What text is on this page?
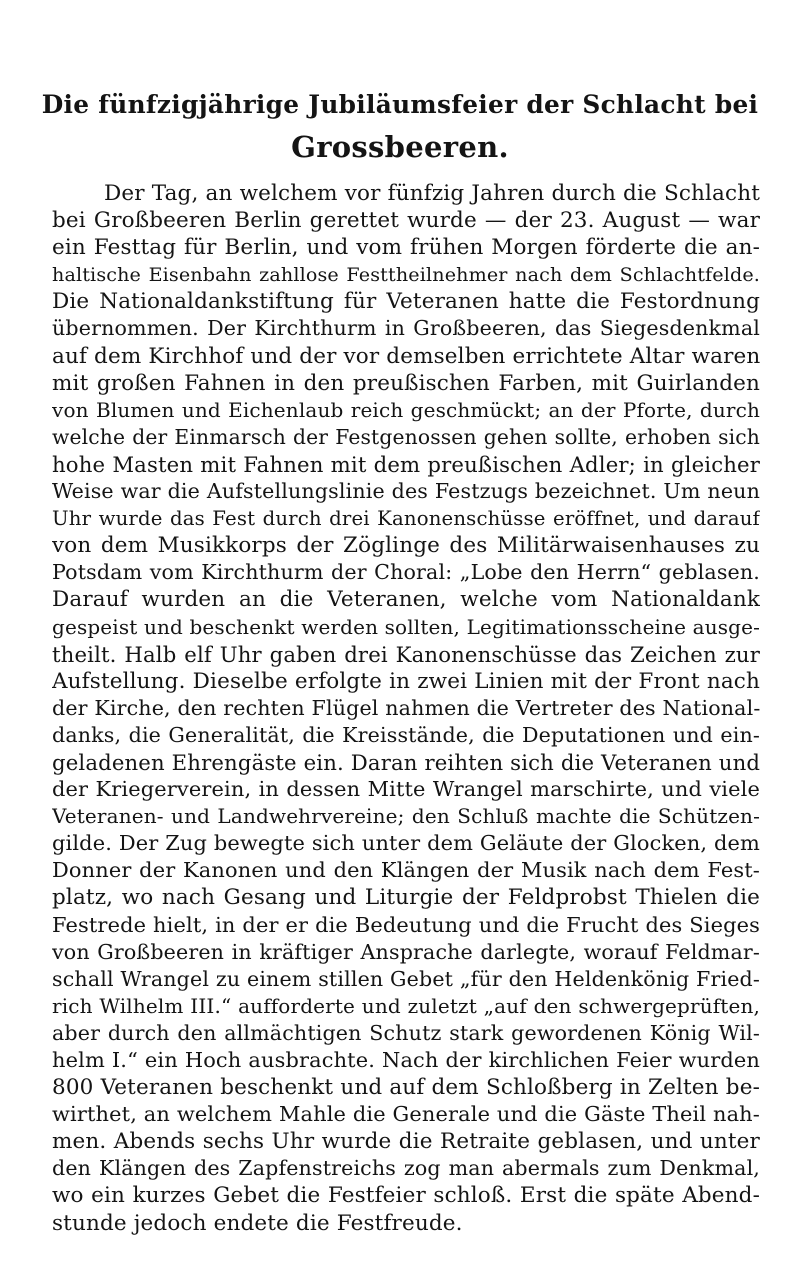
Die fünfzigjährige Jubiläumsfeier der Schlacht bei
Grossbeeren.
Der Tag, an welchem vor fünfzig Jahren durch die Schlacht
bei Großbeeren Berlin gerettet wurde — der 23. August — war
ein Festtag für Berlin, und vom frühen Morgen förderte die an-
haltische Eisenbahn zahllose Festtheilnehmer nach dem Schlachtfelde.
Die Nationaldankstiftung für Veteranen hatte die Festordnung
übernommen. Der Kirchthurm in Großbeeren, das Siegesdenkmal
auf dem Kirchhof und der vor demselben errichtete Altar waren
mit großen Fahnen in den preußischen Farben, mit Guirlanden
von Blumen und Eichenlaub reich geschmückt; an der Pforte, durch
welche der Einmarsch der Festgenossen gehen sollte, erhoben sich
hohe Masten mit Fahnen mit dem preußischen Adler; in gleicher
Weise war die Aufstellungslinie des Festzugs bezeichnet. Um neun
Uhr wurde das Fest durch drei Kanonenschüsse eröffnet, und darauf
von dem Musikkorps der Zöglinge des Militärwaisenhauses zu
Potsdam vom Kirchthurm der Choral: „Lobe den Herrn“ geblasen.
Darauf wurden an die Veteranen, welche vom Nationaldank
gespeist und beschenkt werden sollten, Legitimationsscheine ausge-
theilt. Halb elf Uhr gaben drei Kanonenschüsse das Zeichen zur
Aufstellung. Dieselbe erfolgte in zwei Linien mit der Front nach
der Kirche, den rechten Flügel nahmen die Vertreter des National-
danks, die Generalität, die Kreisstände, die Deputationen und ein-
geladenen Ehrengäste ein. Daran reihten sich die Veteranen und
der Kriegerverein, in dessen Mitte Wrangel marschirte, und viele
Veteranen- und Landwehrvereine; den Schluß machte die Schützen-
gilde. Der Zug bewegte sich unter dem Geläute der Glocken, dem
Donner der Kanonen und den Klängen der Musik nach dem Fest-
platz, wo nach Gesang und Liturgie der Feldprobst Thielen die
Festrede hielt, in der er die Bedeutung und die Frucht des Sieges
von Großbeeren in kräftiger Ansprache darlegte, worauf Feldmar-
schall Wrangel zu einem stillen Gebet „für den Heldenkönig Fried-
rich Wilhelm III.“ aufforderte und zuletzt „auf den schwergeprüften,
aber durch den allmächtigen Schutz stark gewordenen König Wil-
helm I.“ ein Hoch ausbrachte. Nach der kirchlichen Feier wurden
800 Veteranen beschenkt und auf dem Schloßberg in Zelten be-
wirthet, an welchem Mahle die Generale und die Gäste Theil nah-
men. Abends sechs Uhr wurde die Retraite geblasen, und unter
den Klängen des Zapfenstreichs zog man abermals zum Denkmal,
wo ein kurzes Gebet die Festfeier schloß. Erst die späte Abend-
stunde jedoch endete die Festfreude.
